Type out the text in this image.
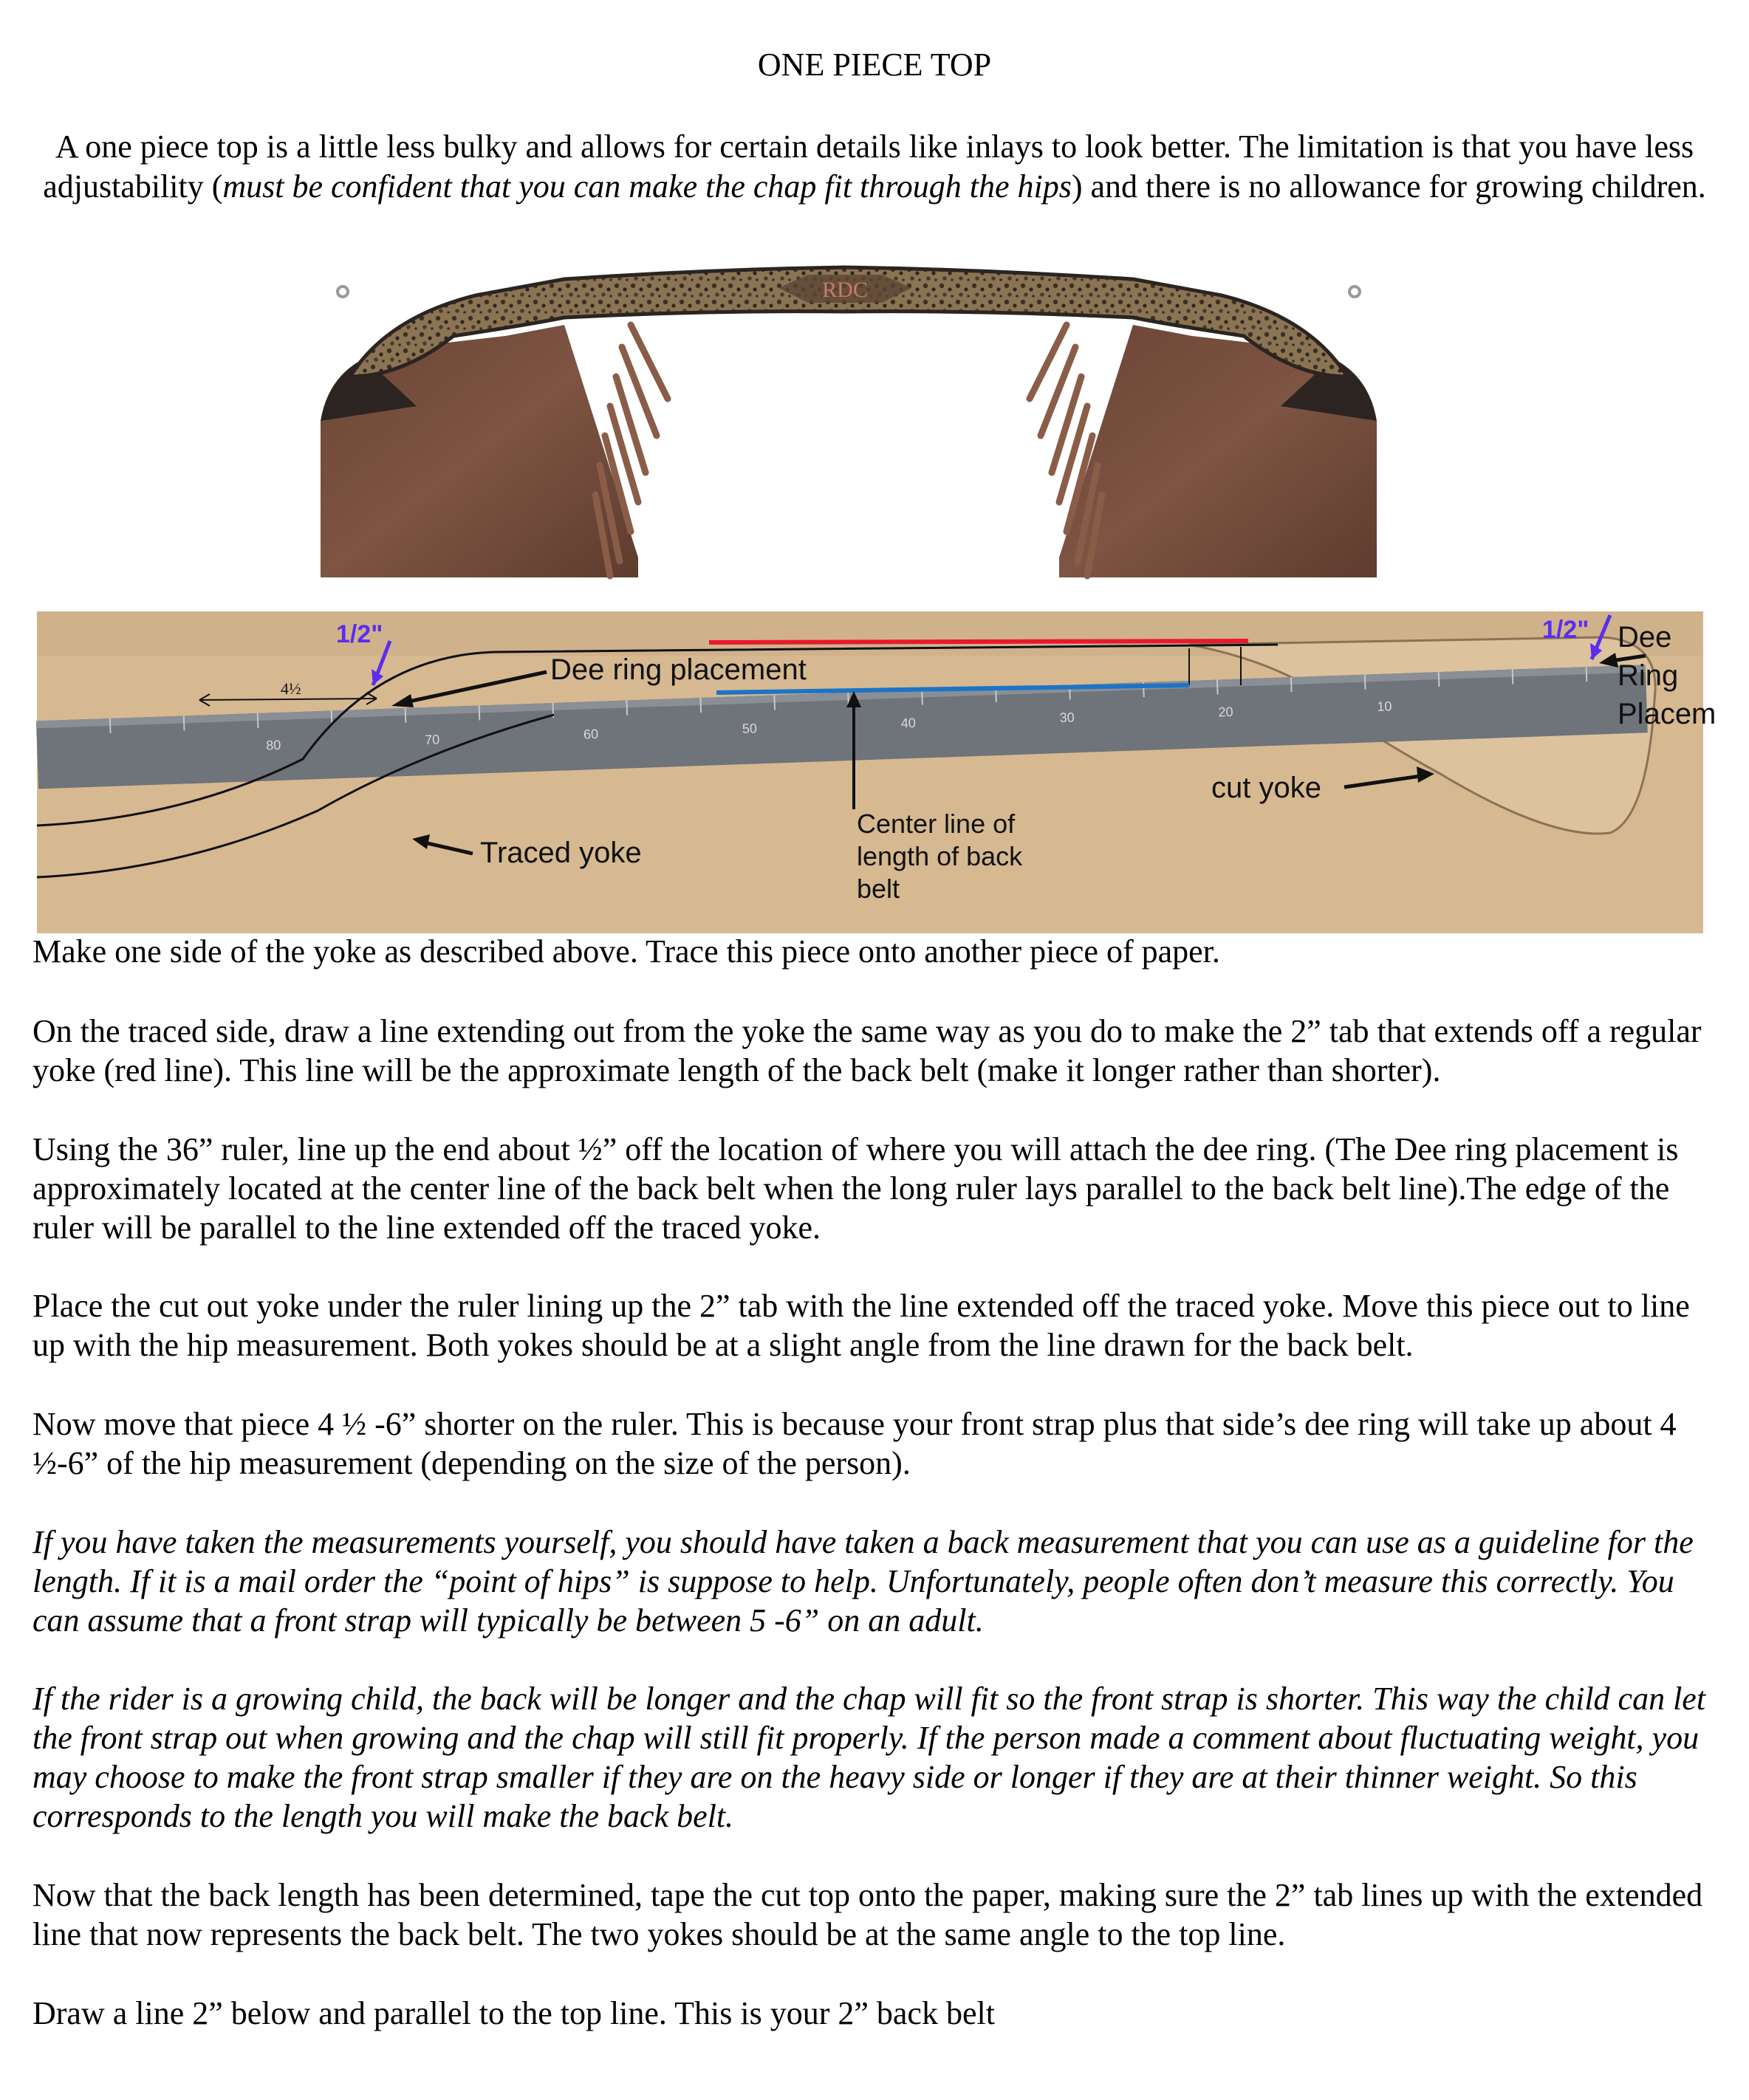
ONE PIECE TOP
A one piece top is a little less bulky and allows for certain details like inlays to look better. The limitation is that you have less adjustability (must be confident that you can make the chap fit through the hips) and there is no allowance for growing children.
RDC
80	70	60	50	40	30	20	10
4½
1/2"	1/2"
Dee ring placement
Dee
Ring
Placem
cut yoke
Center line of
length of back
belt
Traced yoke

Make one side of the yoke as described above. Trace this piece onto another piece of paper.

On the traced side, draw a line extending out from the yoke the same way as you do to make the 2” tab that extends off a regular yoke (red line). This line will be the approximate length of the back belt (make it longer rather than shorter).

Using the 36” ruler, line up the end about ½” off the location of where you will attach the dee ring. (The Dee ring placement is approximately located at the center line of the back belt when the long ruler lays parallel to the back belt line).The edge of the ruler will be parallel to the line extended off the traced yoke.

Place the cut out yoke under the ruler lining up the 2” tab with the line extended off the traced yoke. Move this piece out to line up with the hip measurement. Both yokes should be at a slight angle from the line drawn for the back belt.

Now move that piece 4 ½ -6” shorter on the ruler. This is because your front strap plus that side’s dee ring will take up about 4 ½-6” of the hip measurement (depending on the size of the person).

If you have taken the measurements yourself, you should have taken a back measurement that you can use as a guideline for the length. If it is a mail order the “point of hips” is suppose to help. Unfortunately, people often don’t measure this correctly. You can assume that a front strap will typically be between 5 -6” on an adult.

If the rider is a growing child, the back will be longer and the chap will fit so the front strap is shorter. This way the child can let the front strap out when growing and the chap will still fit properly. If the person made a comment about fluctuating weight, you may choose to make the front strap smaller if they are on the heavy side or longer if they are at their thinner weight. So this corresponds to the length you will make the back belt.

Now that the back length has been determined, tape the cut top onto the paper, making sure the 2” tab lines up with the extended line that now represents the back belt. The two yokes should be at the same angle to the top line.

Draw a line 2” below and parallel to the top line. This is your 2” back belt
